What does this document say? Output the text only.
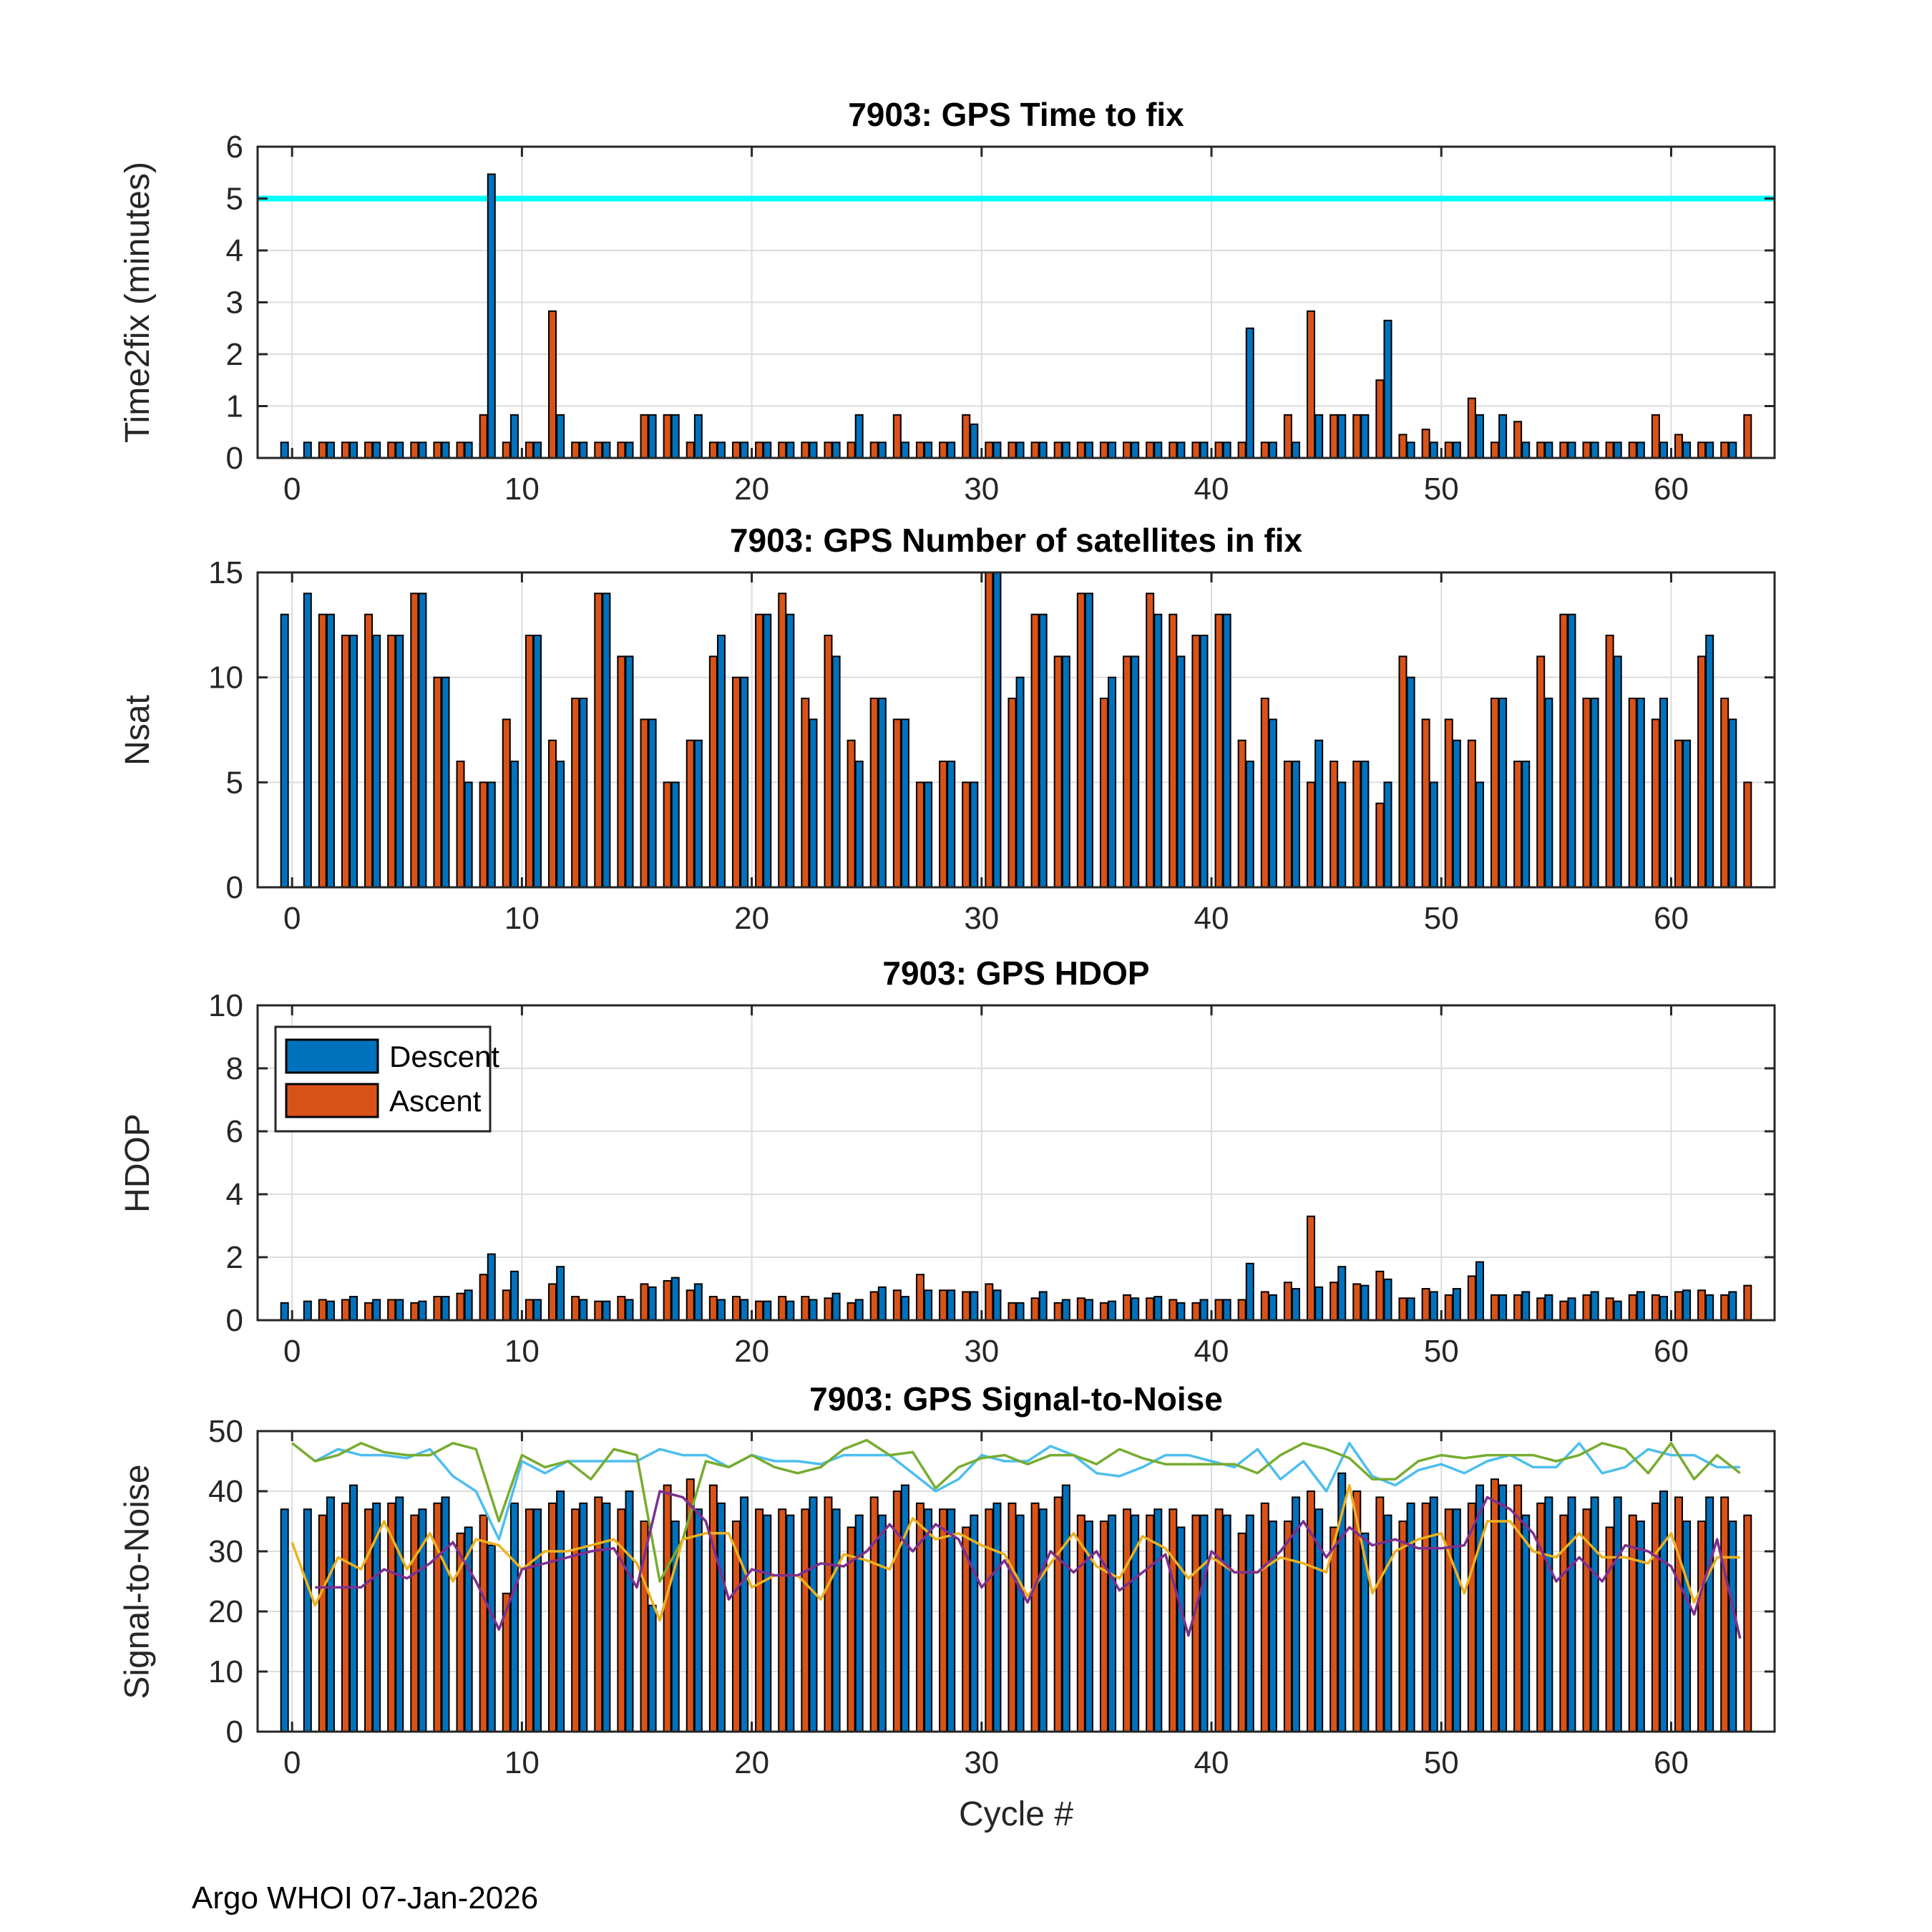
7903: GPS Time to fix
Time2fix (minutes)
0	10	20	30	40	50	60
0
1
2
3
4
5
6
7903: GPS Number of satellites in fix
Nsat
0	10	20	30	40	50	60
0
5
10
15
7903: GPS HDOP
HDOP
0	10	20	30	40	50	60
0
2
4
6
8
10
Descent
Ascent
7903: GPS Signal-to-Noise
Signal-to-Noise
0	10	20	30	40	50	60
0
10
20
30
40
50
Cycle #
Argo WHOI 07-Jan-2026
